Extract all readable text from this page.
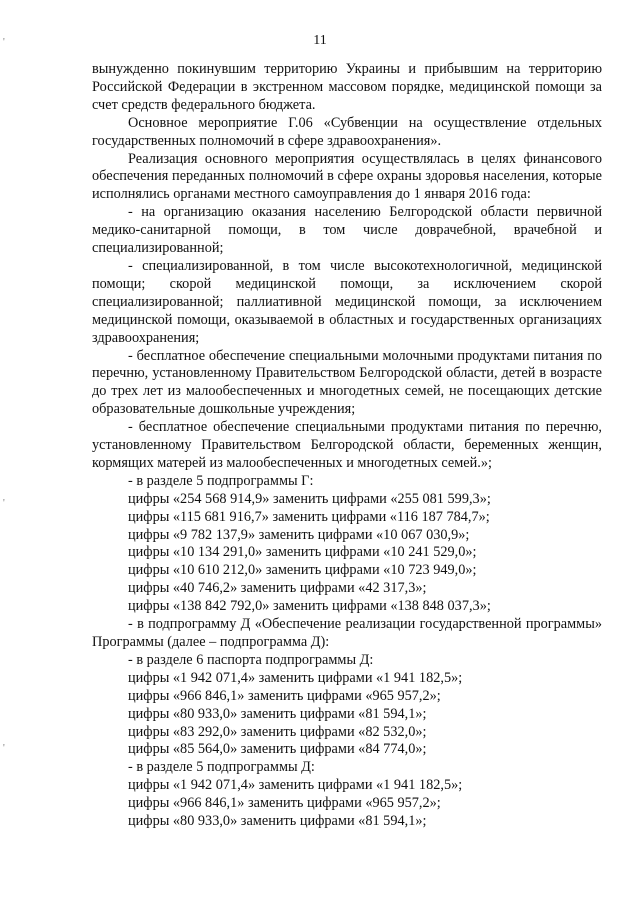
'
'
'
11

вынужденно покинувшим территорию Украины и прибывшим на территорию Российской Федерации в экстренном массовом порядке, медицинской помощи за счет средств федерального бюджета.

Основное мероприятие Г.06 «Субвенции на осуществление отдельных государственных полномочий в сфере здравоохранения».

Реализация основного мероприятия осуществлялась в целях финансового обеспечения переданных полномочий в сфере охраны здоровья населения, которые исполнялись органами местного самоуправления до 1 января 2016 года:

- на организацию оказания населению Белгородской области первичной медико-санитарной помощи, в том числе доврачебной, врачебной и специализированной;

- специализированной, в том числе высокотехнологичной, медицинской помощи; скорой медицинской помощи, за исключением скорой специализированной; паллиативной медицинской помощи, за исключением медицинской помощи, оказываемой в областных и государственных организациях здравоохранения;

- бесплатное обеспечение специальными молочными продуктами питания по перечню, установленному Правительством Белгородской области, детей в возрасте до трех лет из малообеспеченных и многодетных семей, не посещающих детские образовательные дошкольные учреждения;

- бесплатное обеспечение специальными продуктами питания по перечню, установленному Правительством Белгородской области, беременных женщин, кормящих матерей из малообеспеченных и многодетных семей.»;

- в разделе 5 подпрограммы Г:

цифры «254 568 914,9» заменить цифрами «255 081 599,3»;

цифры «115 681 916,7» заменить цифрами «116 187 784,7»;

цифры «9 782 137,9» заменить цифрами «10 067 030,9»;

цифры «10 134 291,0» заменить цифрами «10 241 529,0»;

цифры «10 610 212,0» заменить цифрами «10 723 949,0»;

цифры «40 746,2» заменить цифрами «42 317,3»;

цифры «138 842 792,0» заменить цифрами «138 848 037,3»;

- в подпрограмму Д «Обеспечение реализации государственной программы» Программы (далее – подпрограмма Д):

- в разделе 6 паспорта подпрограммы Д:

цифры «1 942 071,4» заменить цифрами «1 941 182,5»;

цифры «966 846,1» заменить цифрами «965 957,2»;

цифры «80 933,0» заменить цифрами «81 594,1»;

цифры «83 292,0» заменить цифрами «82 532,0»;

цифры «85 564,0» заменить цифрами «84 774,0»;

- в разделе 5 подпрограммы Д:

цифры «1 942 071,4» заменить цифрами «1 941 182,5»;

цифры «966 846,1» заменить цифрами «965 957,2»;

цифры «80 933,0» заменить цифрами «81 594,1»;
